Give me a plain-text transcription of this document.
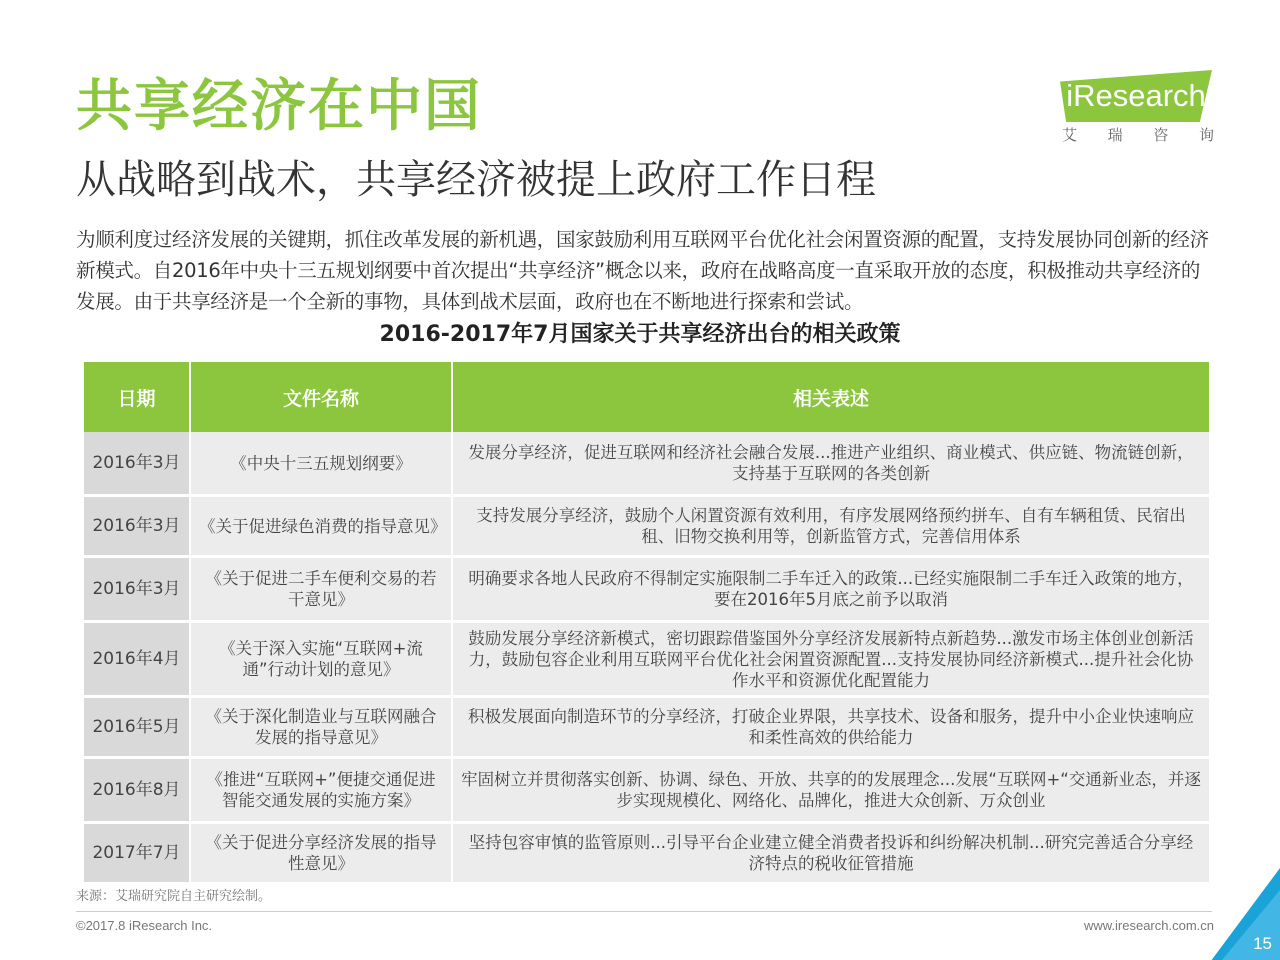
共享经济在中国
从战略到战术，共享经济被提上政府工作日程
iResearch
艾 瑞 咨 询
为顺利度过经济发展的关键期，抓住改革发展的新机遇，国家鼓励利用互联网平台优化社会闲置资源的配置，支持发展协同创新的经济新模式。自2016年中央十三五规划纲要中首次提出“共享经济”概念以来，政府在战略高度一直采取开放的态度，积极推动共享经济的发展。由于共享经济是一个全新的事物，具体到战术层面，政府也在不断地进行探索和尝试。
2016-2017年7月国家关于共享经济出台的相关政策
日期	文件名称	相关表述
2016年3月	《中央十三五规划纲要》	发展分享经济，促进互联网和经济社会融合发展...推进产业组织、商业模式、供应链、物流链创新，支持基于互联网的各类创新
2016年3月	《关于促进绿色消费的指导意见》	支持发展分享经济，鼓励个人闲置资源有效利用，有序发展网络预约拼车、自有车辆租赁、民宿出租、旧物交换利用等，创新监管方式，完善信用体系
2016年3月	《关于促进二手车便利交易的若干意见》	明确要求各地人民政府不得制定实施限制二手车迁入的政策...已经实施限制二手车迁入政策的地方，要在2016年5月底之前予以取消
2016年4月	《关于深入实施“互联网+流通”行动计划的意见》	鼓励发展分享经济新模式，密切跟踪借鉴国外分享经济发展新特点新趋势...激发市场主体创业创新活力，鼓励包容企业利用互联网平台优化社会闲置资源配置...支持发展协同经济新模式...提升社会化协作水平和资源优化配置能力
2016年5月	《关于深化制造业与互联网融合发展的指导意见》	积极发展面向制造环节的分享经济，打破企业界限，共享技术、设备和服务，提升中小企业快速响应和柔性高效的供给能力
2016年8月	《推进“互联网+”便捷交通促进智能交通发展的实施方案》	牢固树立并贯彻落实创新、协调、绿色、开放、共享的的发展理念...发展“互联网+“交通新业态，并逐步实现规模化、网络化、品牌化，推进大众创新、万众创业
2017年7月	《关于促进分享经济发展的指导性意见》	坚持包容审慎的监管原则...引导平台企业建立健全消费者投诉和纠纷解决机制...研究完善适合分享经济特点的税收征管措施
来源：艾瑞研究院自主研究绘制。
©2017.8 iResearch Inc.	www.iresearch.com.cn
15
